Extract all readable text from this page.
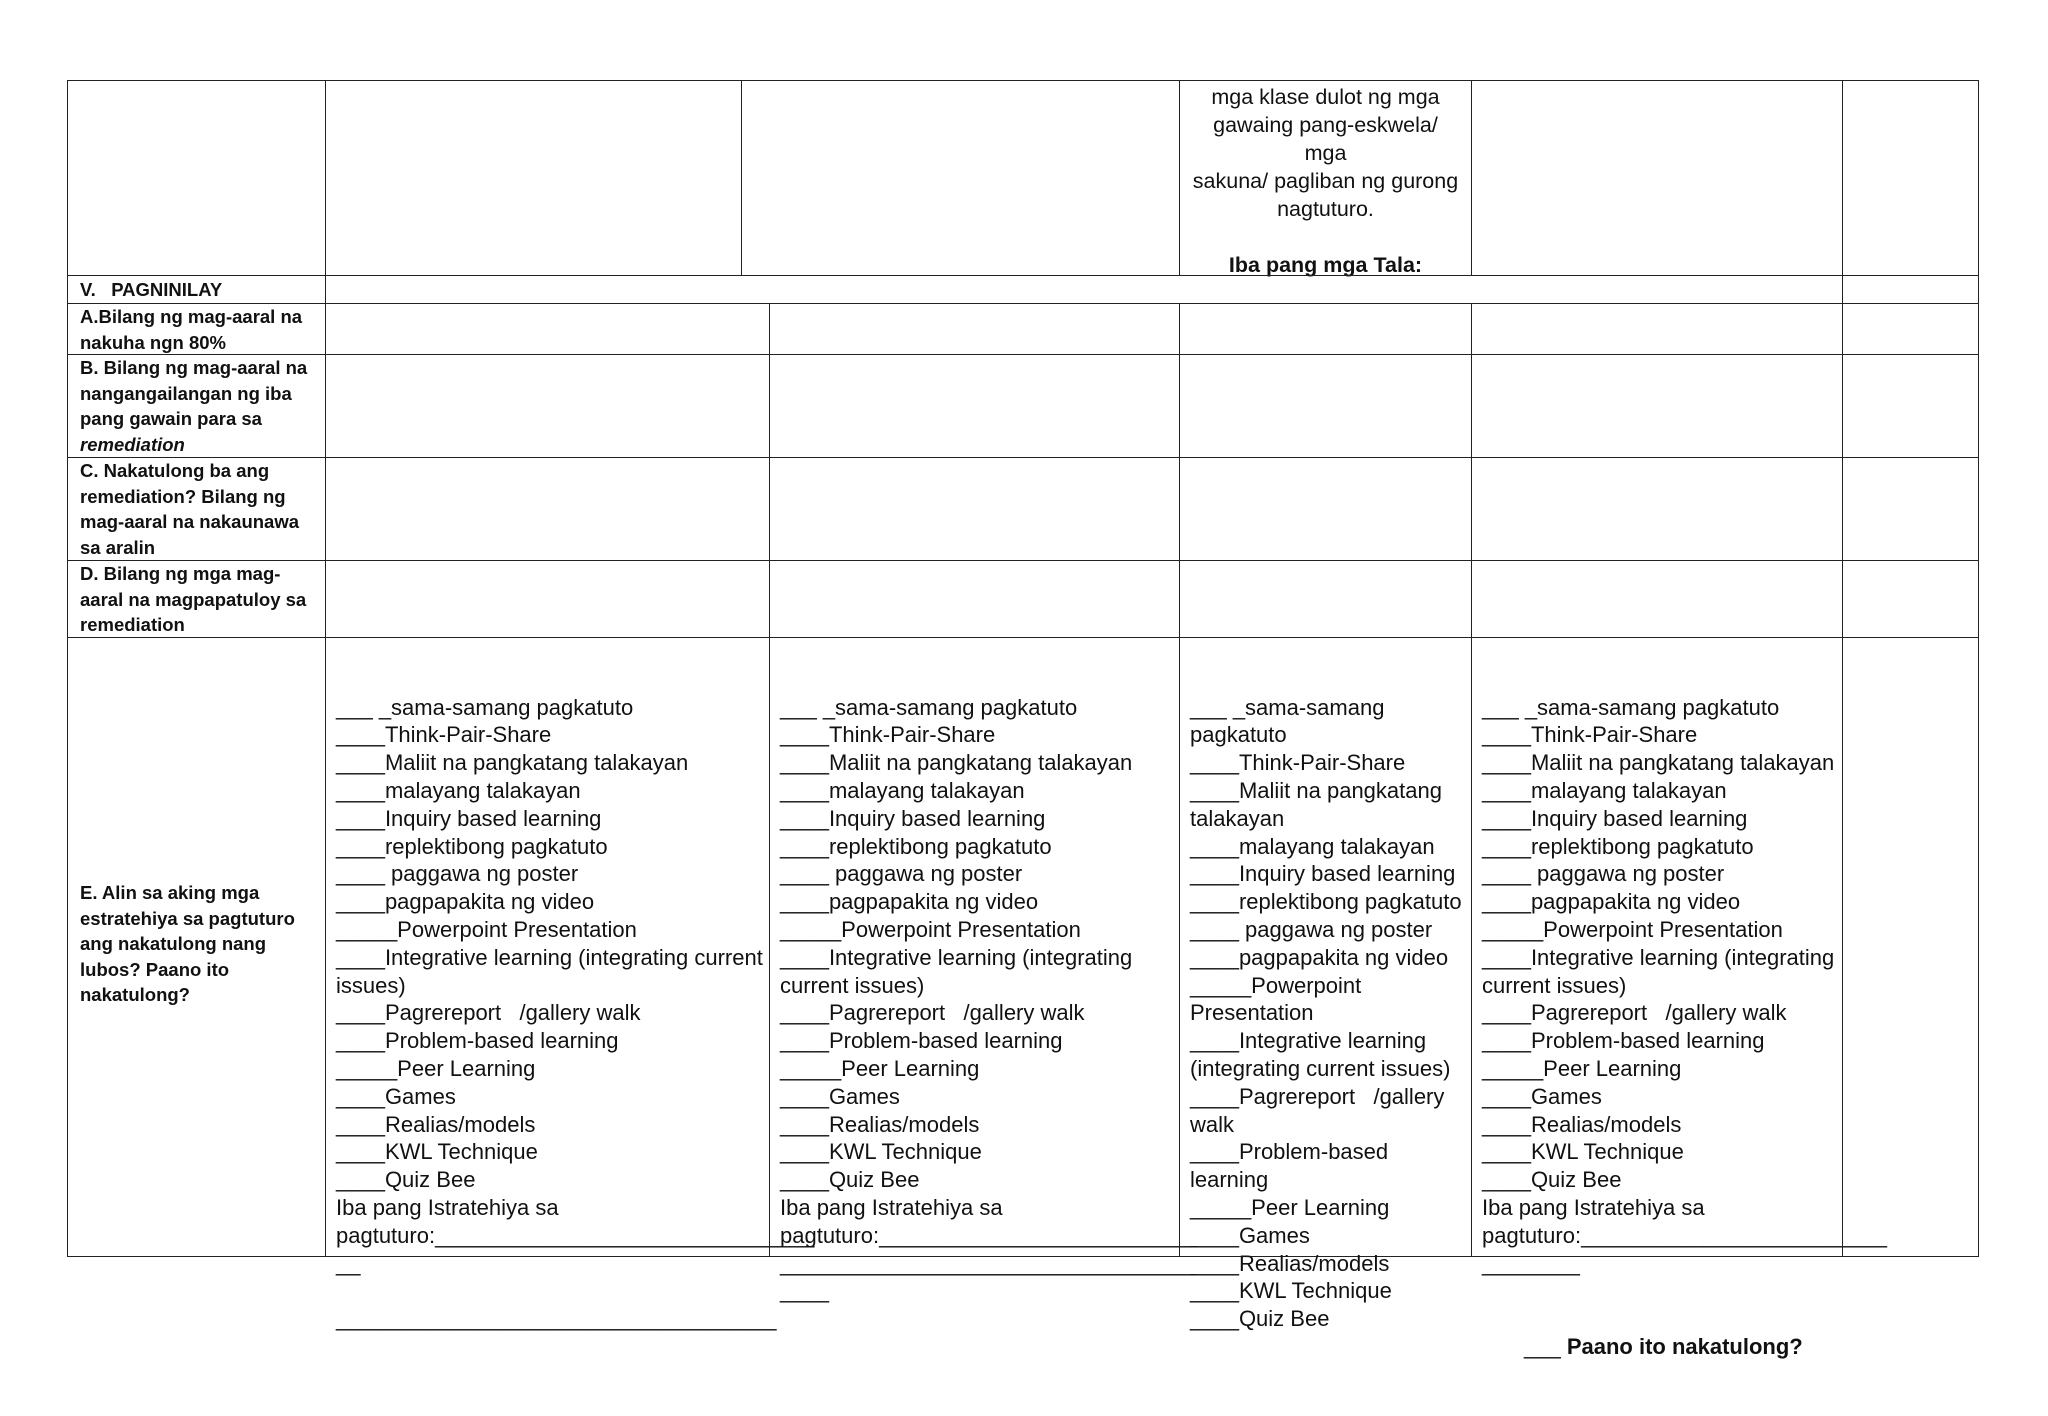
mga klase dulot ng mga
gawaing pang-eskwela/ mga
sakuna/ pagliban ng gurong
nagtuturo.
Iba pang mga Tala:
V. PAGNINILAY
A.Bilang ng mag-aaral na
nakuha ngn 80%
B. Bilang ng mag-aaral na
nangangailangan ng iba
pang gawain para sa
remediation
C. Nakatulong ba ang
remediation? Bilang ng
mag-aaral na nakaunawa
sa aralin
D. Bilang ng mga mag-
aaral na magpapatuloy sa
remediation
E. Alin sa aking mga
estratehiya sa pagtuturo
ang nakatulong nang
lubos? Paano ito
nakatulong?

___ _sama-samang pagkatuto
____Think-Pair-Share
____Maliit na pangkatang talakayan
____malayang talakayan
____Inquiry based learning
____replektibong pagkatuto
____ paggawa ng poster
____pagpapakita ng video
_____Powerpoint Presentation
____Integrative learning (integrating current
issues)
____Pagrereport   /gallery walk
____Problem-based learning
_____Peer Learning
____Games
____Realias/models
____KWL Technique
____Quiz Bee
Iba pang Istratehiya sa
pagtuturo:_______________________________
__
____________________________________

___ _sama-samang pagkatuto
____Think-Pair-Share
____Maliit na pangkatang talakayan
____malayang talakayan
____Inquiry based learning
____replektibong pagkatuto
____ paggawa ng poster
____pagpapakita ng video
_____Powerpoint Presentation
____Integrative learning (integrating
current issues)
____Pagrereport   /gallery walk
____Problem-based learning
_____Peer Learning
____Games
____Realias/models
____KWL Technique
____Quiz Bee
Iba pang Istratehiya sa
pagtuturo:__________________________
__________________________________
____

___ _sama-samang
pagkatuto
____Think-Pair-Share
____Maliit na pangkatang
talakayan
____malayang talakayan
____Inquiry based learning
____replektibong pagkatuto
____ paggawa ng poster
____pagpapakita ng video
_____Powerpoint
Presentation
____Integrative learning
(integrating current issues)
____Pagrereport   /gallery
walk
____Problem-based learning
_____Peer Learning
____Games
____Realias/models
____KWL Technique
____Quiz Bee

___ _sama-samang pagkatuto
____Think-Pair-Share
____Maliit na pangkatang talakayan
____malayang talakayan
____Inquiry based learning
____replektibong pagkatuto
____ paggawa ng poster
____pagpapakita ng video
_____Powerpoint Presentation
____Integrative learning (integrating
current issues)
____Pagrereport   /gallery walk
____Problem-based learning
_____Peer Learning
____Games
____Realias/models
____KWL Technique
____Quiz Bee
Iba pang Istratehiya sa
pagtuturo:_________________________
________

___ Paano ito nakatulong?
